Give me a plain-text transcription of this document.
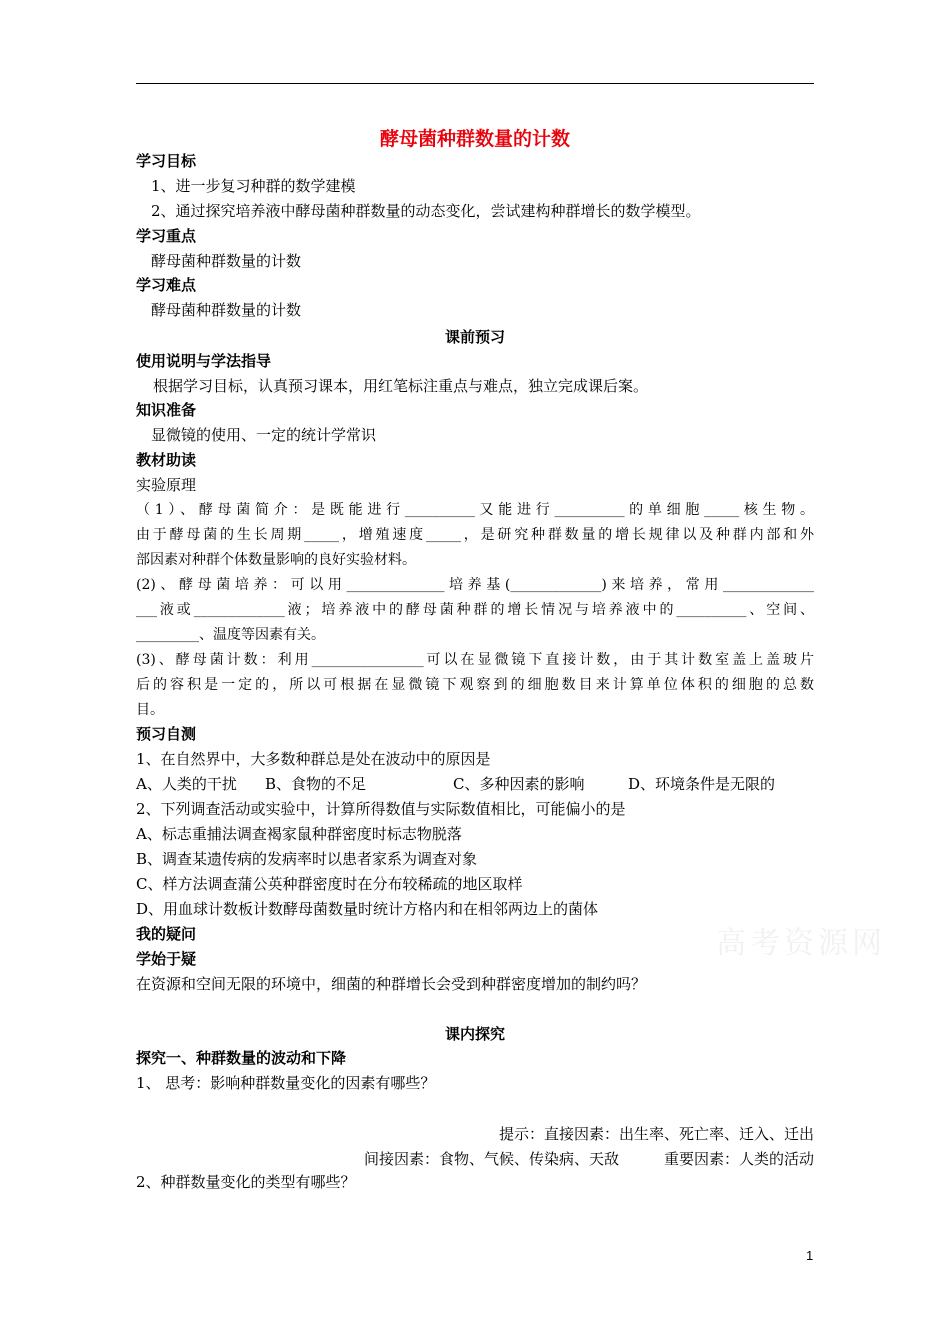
酵母菌种群数量的计数
学习目标
1、进一步复习种群的数学建模
2、通过探究培养液中酵母菌种群数量的动态变化，尝试建构种群增长的数学模型。
学习重点
酵母菌种群数量的计数
学习难点
酵母菌种群数量的计数
课前预习
使用说明与学法指导
根据学习目标，认真预习课本，用红笔标注重点与难点，独立完成课后案。
知识准备
显微镜的使用、一定的统计学常识
教材助读
实验原理
（1）、酵母菌简介：是既能进行__________又能进行__________的单细胞_____核生物。
由于酵母菌的生长周期_____，增殖速度_____，是研究种群数量的增长规律以及种群内部和外
部因素对种群个体数量影响的良好实验材料。
(2)、酵母菌培养：可以用______________培养基(_____________)来培养，常用_____________
___液或_____________液；培养液中的酵母菌种群的增长情况与培养液中的__________、空间、
_________、温度等因素有关。
(3)、酵母菌计数：利用________________可以在显微镜下直接计数，由于其计数室盖上盖玻片
后的容积是一定的，所以可根据在显微镜下观察到的细胞数目来计算单位体积的细胞的总数
目。
预习自测
1、在自然界中，大多数种群总是处在波动中的原因是
A、人类的干扰 B、食物的不足	C、多种因素的影响	D、环境条件是无限的
2、下列调查活动或实验中，计算所得数值与实际数值相比，可能偏小的是
A、标志重捕法调查褐家鼠种群密度时标志物脱落
B、调查某遗传病的发病率时以患者家系为调查对象
C、样方法调查蒲公英种群密度时在分布较稀疏的地区取样
D、用血球计数板计数酵母菌数量时统计方格内和在相邻两边上的菌体
高考资源网
我的疑问
学始于疑
在资源和空间无限的环境中，细菌的种群增长会受到种群密度增加的制约吗？
课内探究
探究一、种群数量的波动和下降
1、 思考：影响种群数量变化的因素有哪些？
提示：直接因素：出生率、死亡率、迁入、迁出
间接因素：食物、气候、传染病、天敌　　　重要因素：人类的活动
2、种群数量变化的类型有哪些？
1
